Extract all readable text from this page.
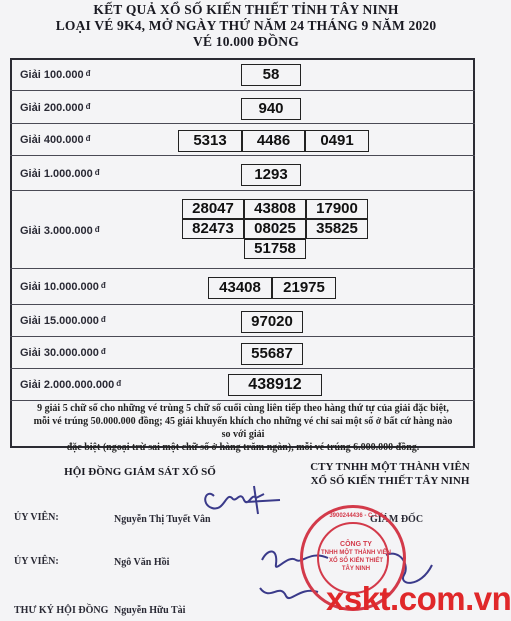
KẾT QUẢ XỔ SỐ KIẾN THIẾT TỈNH TÂY NINH
LOẠI VÉ 9K4, MỞ NGÀY THỨ NĂM 24 THÁNG 9 NĂM 2020
VÉ 10.000 ĐỒNG
Giải 100.000 $^đ$	58
Giải 200.000 $^đ$	940
Giải 400.000 $^đ$	5313	4486	0491
Giải 1.000.000 $^đ$	1293
Giải 3.000.000 $^đ$
28047	43808	17900
82473	08025	35825
51758
Giải 10.000.000 $^đ$	43408	21975
Giải 15.000.000 $^đ$	97020
Giải 30.000.000 $^đ$	55687
Giải 2.000.000.000 $^đ$	438912
9 giải 5 chữ số cho những vé trùng 5 chữ số cuối cùng liên tiếp theo hàng thứ tự của giải đặc biệt,
mỗi vé trúng 50.000.000 đồng; 45 giải khuyến khích cho những vé chỉ sai một số ở bất cứ hàng nào so với giải
đặc biệt (ngoại trừ sai một chữ số ở hàng trăm ngàn), mỗi vé trúng 6.000.000 đồng.
HỘI ĐỒNG GIÁM SÁT XỔ SỐ	CTY TNHH MỘT THÀNH VIÊN
XỔ SỐ KIẾN THIẾT TÂY NINH
ỦY VIÊN:	Nguyễn Thị Tuyết Vân	GIÁM ĐỐC
ỦY VIÊN:	Ngô Văn Hồi
THƯ KÝ HỘI ĐỒNG Nguyễn Hữu Tài
3900244436 - C.T.Y
CÔNG TY
TNHH MỘT THÀNH VIÊN
XỔ SỐ KIẾN THIẾT
TÂY NINH
xskt.com.vn
